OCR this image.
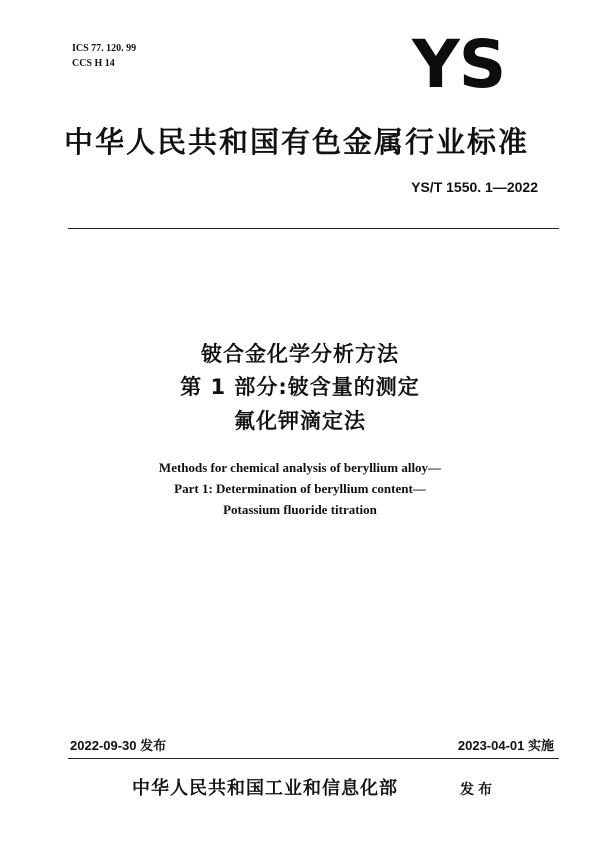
ICS 77. 120. 99
CCS H 14	YS
中华人民共和国有色金属行业标准
YS/T 1550. 1—2022
铍合金化学分析方法
第 1 部分:铍含量的测定
氟化钾滴定法
Methods for chemical analysis of beryllium alloy—
Part 1: Determination of beryllium content—
Potassium fluoride titration
2022-09-30 发布	2023-04-01 实施
中华人民共和国工业和信息化部	发布
